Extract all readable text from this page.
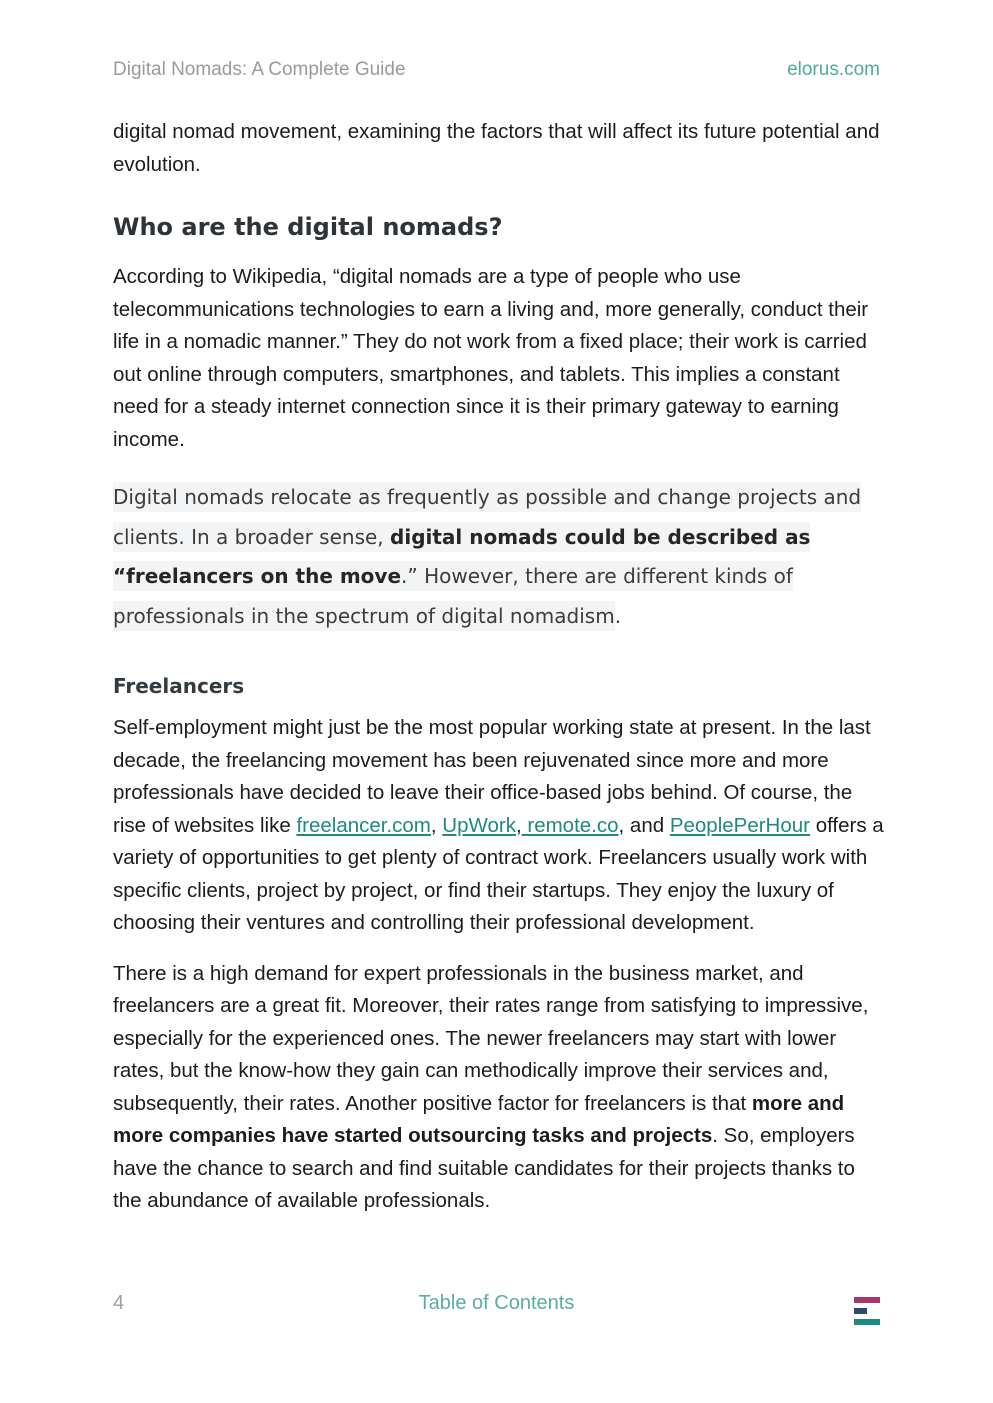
Digital Nomads: A Complete Guide	elorus.com

digital nomad movement, examining the factors that will affect its future potential and evolution.

Who are the digital nomads?

According to Wikipedia, “digital nomads are a type of people who use telecommunications technologies to earn a living and, more generally, conduct their life in a nomadic manner.” They do not work from a fixed place; their work is carried out online through computers, smartphones, and tablets. This implies a constant need for a steady internet connection since it is their primary gateway to earning income.

Digital nomads relocate as frequently as possible and change projects and clients. In a broader sense, digital nomads could be described as “freelancers on the move.” However, there are different kinds of professionals in the spectrum of digital nomadism.

Freelancers

Self-employment might just be the most popular working state at present. In the last decade, the freelancing movement has been rejuvenated since more and more professionals have decided to leave their office-based jobs behind. Of course, the rise of websites like freelancer.com, UpWork, remote.co, and PeoplePerHour offers a variety of opportunities to get plenty of contract work. Freelancers usually work with specific clients, project by project, or find their startups. They enjoy the luxury of choosing their ventures and controlling their professional development.

There is a high demand for expert professionals in the business market, and freelancers are a great fit. Moreover, their rates range from satisfying to impressive, especially for the experienced ones. The newer freelancers may start with lower rates, but the know-how they gain can methodically improve their services and, subsequently, their rates. Another positive factor for freelancers is that more and more companies have started outsourcing tasks and projects. So, employers have the chance to search and find suitable candidates for their projects thanks to the abundance of available professionals.

4	Table of Contents
